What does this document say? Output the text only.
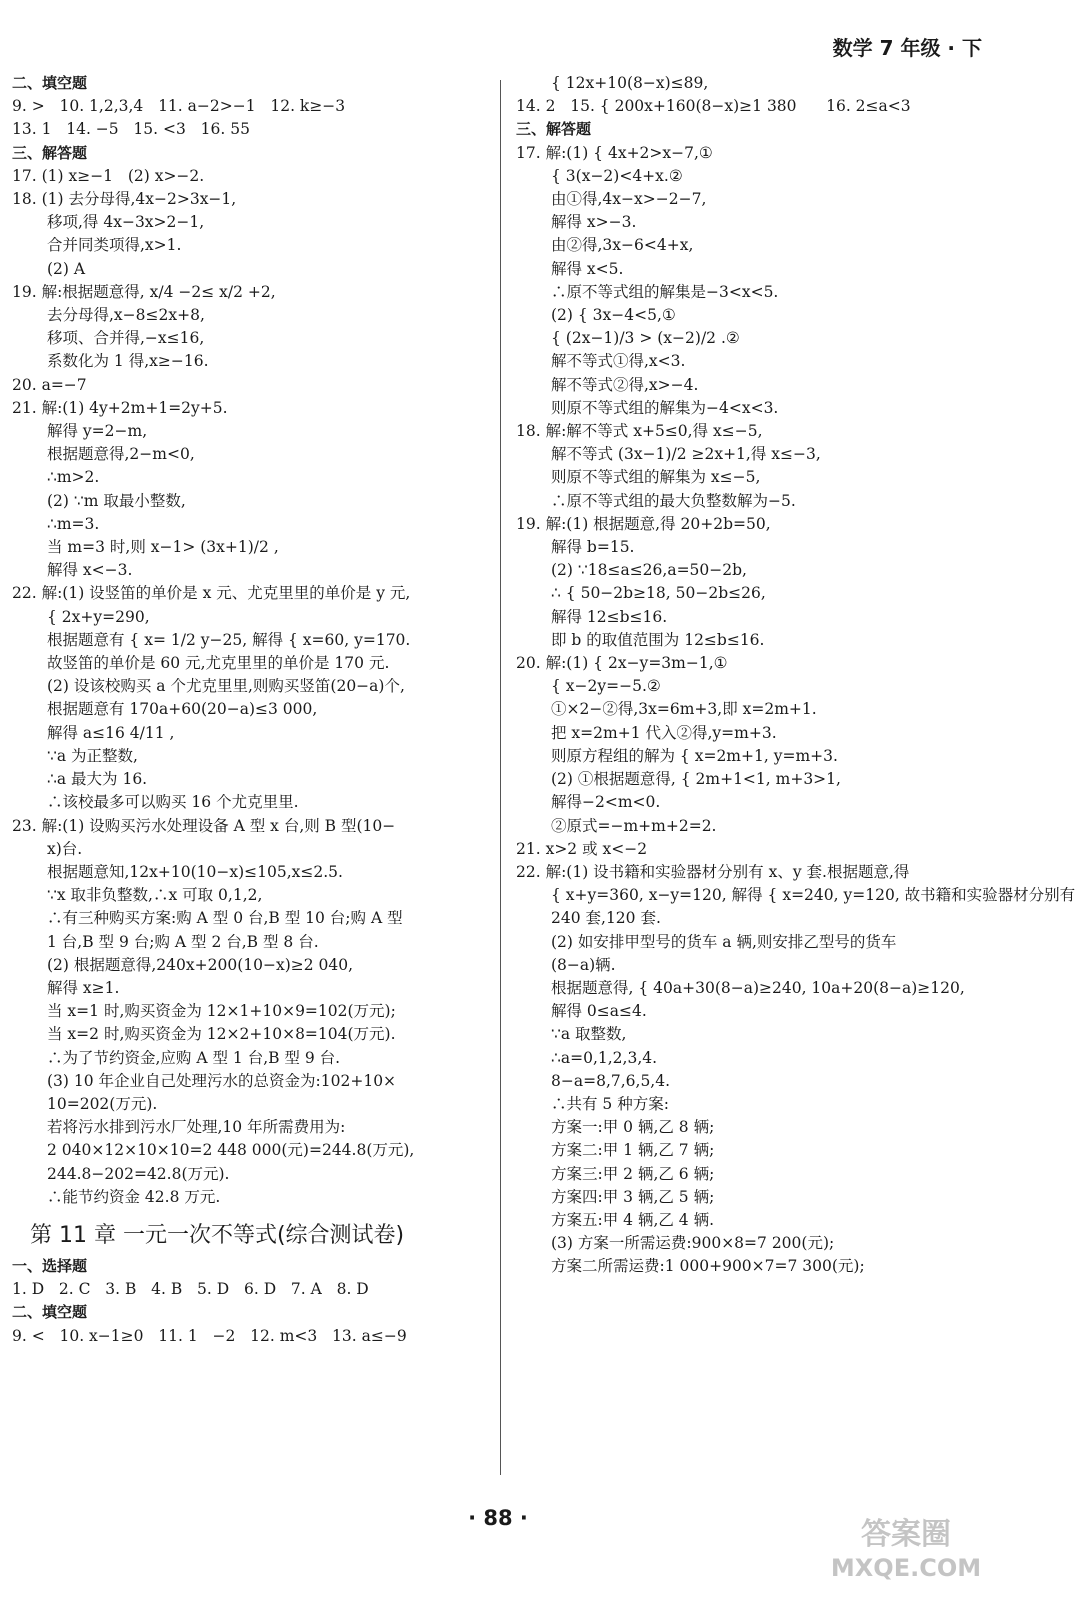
数学 7 年级 · 下
二、填空题
9. >   10. 1,2,3,4   11. a−2>−1   12. k≥−3
13. 1   14. −5   15. <3   16. 55
三、解答题
17. (1) x≥−1   (2) x>−2.
18. (1) 去分母得,4x−2>3x−1,
移项,得 4x−3x>2−1,
合并同类项得,x>1.
(2) A
19. 解:根据题意得, x/4 −2≤ x/2 +2,
去分母得,x−8≤2x+8,
移项、合并得,−x≤16,
系数化为 1 得,x≥−16.
20. a=−7
21. 解:(1) 4y+2m+1=2y+5.
解得 y=2−m,
根据题意得,2−m<0,
∴m>2.
(2) ∵m 取最小整数,
∴m=3.
当 m=3 时,则 x−1> (3x+1)/2 ,
解得 x<−3.
22. 解:(1) 设竖笛的单价是 x 元、尤克里里的单价是 y 元,
{ 2x+y=290,
根据题意有 { x= 1/2 y−25, 解得 { x=60, y=170.
故竖笛的单价是 60 元,尤克里里的单价是 170 元.
(2) 设该校购买 a 个尤克里里,则购买竖笛(20−a)个,
根据题意有 170a+60(20−a)≤3 000,
解得 a≤16 4/11 ,
∵a 为正整数,
∴a 最大为 16.
∴该校最多可以购买 16 个尤克里里.
23. 解:(1) 设购买污水处理设备 A 型 x 台,则 B 型(10−
x)台.
根据题意知,12x+10(10−x)≤105,x≤2.5.
∵x 取非负整数,∴x 可取 0,1,2,
∴有三种购买方案:购 A 型 0 台,B 型 10 台;购 A 型
1 台,B 型 9 台;购 A 型 2 台,B 型 8 台.
(2) 根据题意得,240x+200(10−x)≥2 040,
解得 x≥1.
当 x=1 时,购买资金为 12×1+10×9=102(万元);
当 x=2 时,购买资金为 12×2+10×8=104(万元).
∴为了节约资金,应购 A 型 1 台,B 型 9 台.
(3) 10 年企业自己处理污水的总资金为:102+10×
10=202(万元).
若将污水排到污水厂处理,10 年所需费用为:
2 040×12×10×10=2 448 000(元)=244.8(万元),
244.8−202=42.8(万元).
∴能节约资金 42.8 万元.
第 11 章 一元一次不等式(综合测试卷)
一、选择题
1. D   2. C   3. B   4. B   5. D   6. D   7. A   8. D
二、填空题
9. <   10. x−1≥0   11. 1   −2   12. m<3   13. a≤−9
{ 12x+10(8−x)≤89,
14. 2   15. { 200x+160(8−x)≥1 380      16. 2≤a<3
三、解答题
17. 解:(1) { 4x+2>x−7,①
{ 3(x−2)<4+x.②
由①得,4x−x>−2−7,
解得 x>−3.
由②得,3x−6<4+x,
解得 x<5.
∴原不等式组的解集是−3<x<5.
(2) { 3x−4<5,①
{ (2x−1)/3 > (x−2)/2 .②
解不等式①得,x<3.
解不等式②得,x>−4.
则原不等式组的解集为−4<x<3.
18. 解:解不等式 x+5≤0,得 x≤−5,
解不等式 (3x−1)/2 ≥2x+1,得 x≤−3,
则原不等式组的解集为 x≤−5,
∴原不等式组的最大负整数解为−5.
19. 解:(1) 根据题意,得 20+2b=50,
解得 b=15.
(2) ∵18≤a≤26,a=50−2b,
∴ { 50−2b≥18, 50−2b≤26,
解得 12≤b≤16.
即 b 的取值范围为 12≤b≤16.
20. 解:(1) { 2x−y=3m−1,①
{ x−2y=−5.②
①×2−②得,3x=6m+3,即 x=2m+1.
把 x=2m+1 代入②得,y=m+3.
则原方程组的解为 { x=2m+1, y=m+3.
(2) ①根据题意得, { 2m+1<1, m+3>1,
解得−2<m<0.
②原式=−m+m+2=2.
21. x>2 或 x<−2
22. 解:(1) 设书籍和实验器材分别有 x、y 套.根据题意,得
{ x+y=360, x−y=120, 解得 { x=240, y=120, 故书籍和实验器材分别有
240 套,120 套.
(2) 如安排甲型号的货车 a 辆,则安排乙型号的货车
(8−a)辆.
根据题意得, { 40a+30(8−a)≥240, 10a+20(8−a)≥120,
解得 0≤a≤4.
∵a 取整数,
∴a=0,1,2,3,4.
8−a=8,7,6,5,4.
∴共有 5 种方案:
方案一:甲 0 辆,乙 8 辆;
方案二:甲 1 辆,乙 7 辆;
方案三:甲 2 辆,乙 6 辆;
方案四:甲 3 辆,乙 5 辆;
方案五:甲 4 辆,乙 4 辆.
(3) 方案一所需运费:900×8=7 200(元);
方案二所需运费:1 000+900×7=7 300(元);
· 88 ·	答案圈
MXQE.COM
